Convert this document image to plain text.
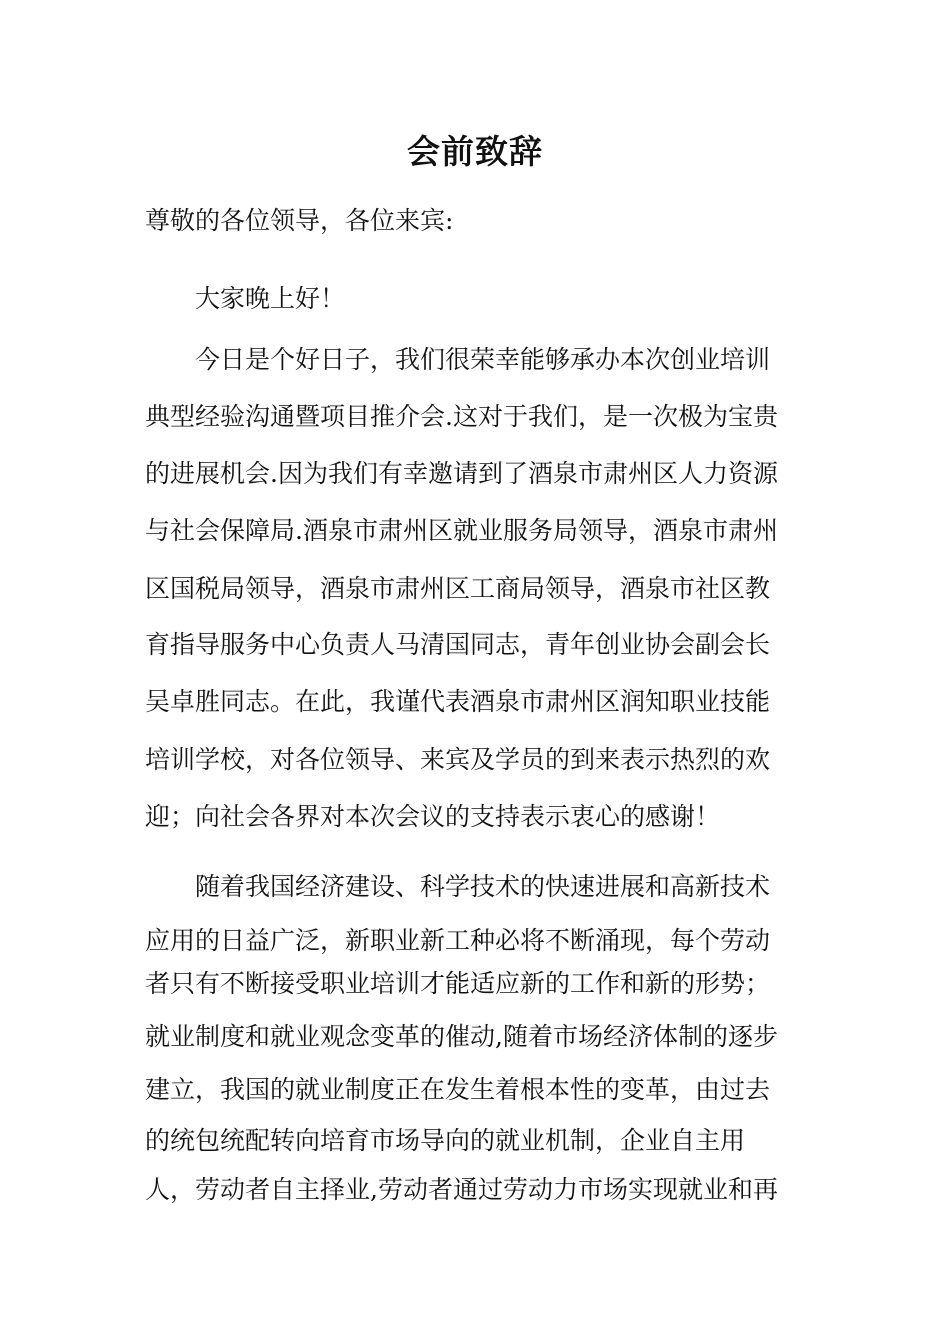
会前致辞
尊敬的各位领导，各位来宾:
大家晚上好！
今日是个好日子，我们很荣幸能够承办本次创业培训
典型经验沟通暨项目推介会.这对于我们，是一次极为宝贵
的进展机会.因为我们有幸邀请到了酒泉市肃州区人力资源
与社会保障局.酒泉市肃州区就业服务局领导，酒泉市肃州
区国税局领导，酒泉市肃州区工商局领导，酒泉市社区教
育指导服务中心负责人马清国同志，青年创业协会副会长
吴卓胜同志。在此，我谨代表酒泉市肃州区润知职业技能
培训学校，对各位领导、来宾及学员的到来表示热烈的欢
迎；向社会各界对本次会议的支持表示衷心的感谢！
随着我国经济建设、科学技术的快速进展和高新技术
应用的日益广泛，新职业新工种必将不断涌现，每个劳动
者只有不断接受职业培训才能适应新的工作和新的形势；
就业制度和就业观念变革的催动,随着市场经济体制的逐步
建立，我国的就业制度正在发生着根本性的变革，由过去
的统包统配转向培育市场导向的就业机制，企业自主用
人，劳动者自主择业,劳动者通过劳动力市场实现就业和再
